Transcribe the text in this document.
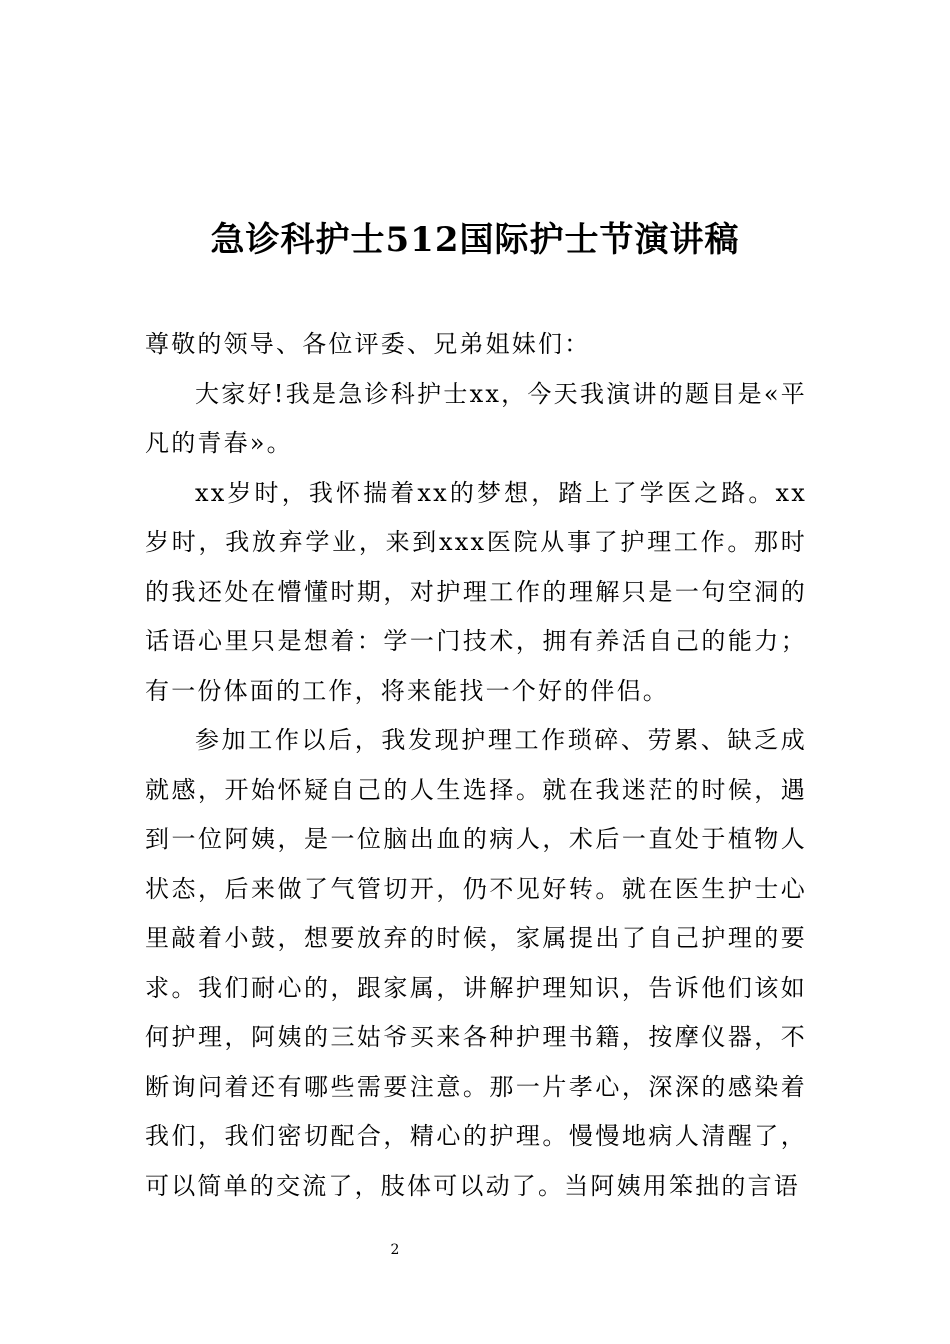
急诊科护士512国际护士节演讲稿

尊敬的领导、各位评委、兄弟姐妹们：

大家好!我是急诊科护士xx，今天我演讲的题目是«平凡的青春»。

xx岁时，我怀揣着xx的梦想，踏上了学医之路。xx岁时，我放弃学业，来到xxx医院从事了护理工作。那时的我还处在懵懂时期，对护理工作的理解只是一句空洞的话语心里只是想着：学一门技术，拥有养活自己的能力；有一份体面的工作，将来能找一个好的伴侣。

参加工作以后，我发现护理工作琐碎、劳累、缺乏成就感，开始怀疑自己的人生选择。就在我迷茫的时候，遇到一位阿姨，是一位脑出血的病人，术后一直处于植物人状态，后来做了气管切开，仍不见好转。就在医生护士心里敲着小鼓，想要放弃的时候，家属提出了自己护理的要求。我们耐心的，跟家属，讲解护理知识，告诉他们该如何护理，阿姨的三姑爷买来各种护理书籍，按摩仪器，不断询问着还有哪些需要注意。那一片孝心，深深的感染着我们，我们密切配合，精心的护理。慢慢地病人清醒了，可以简单的交流了，肢体可以动了。当阿姨用笨拙的言语

2
